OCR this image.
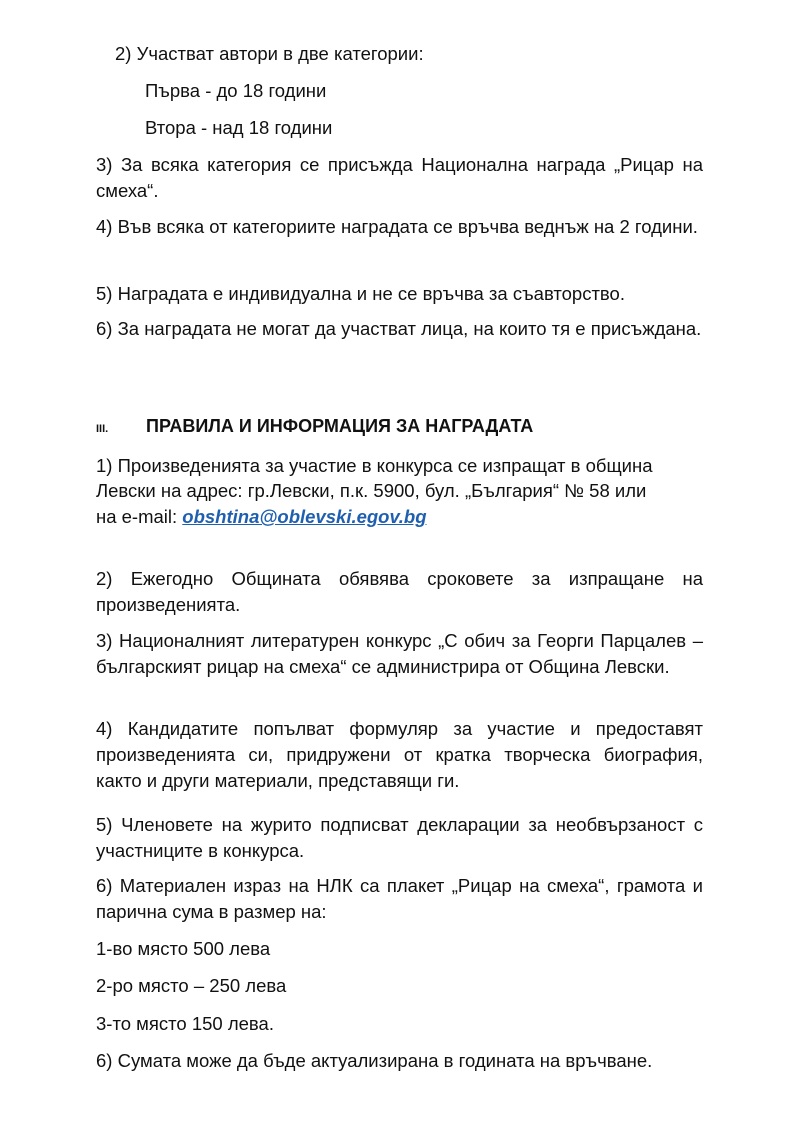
2) Участват автори в две категории:
Първа - до 18 години
Втора - над 18 години
3) За всяка категория се присъжда Национална награда „Рицар на смеха“.
4) Във всяка от категориите наградата се връчва веднъж на 2 години.
5) Наградата е индивидуална и не се връчва за съавторство.
6) За наградата не могат да участват лица, на които тя е присъждана.
III. ПРАВИЛА И ИНФОРМАЦИЯ ЗА НАГРАДАТА
1) Произведенията за участие в конкурса се изпращат в община
Левски на адрес: гр.Левски, п.к. 5900, бул. „България“ № 58 или
на e-mail: obshtina@oblevski.egov.bg
2) Ежегодно Общината обявява сроковете за изпращане на произведенията.
3) Националният литературен конкурс „С обич за Георги Парцалев – българският рицар на смеха“ се администрира от Община Левски.
4) Кандидатите попълват формуляр за участие и предоставят произведенията си, придружени от кратка творческа биография, както и други материали, представящи ги.
5) Членовете на журито подписват декларации за необвързаност с участниците в конкурса.
6) Материален израз на НЛК са плакет „Рицар на смеха“, грамота и парична сума в размер на:
1-во място 500 лева
2-ро място – 250 лева
3-то място 150 лева.
6) Сумата може да бъде актуализирана в годината на връчване.
